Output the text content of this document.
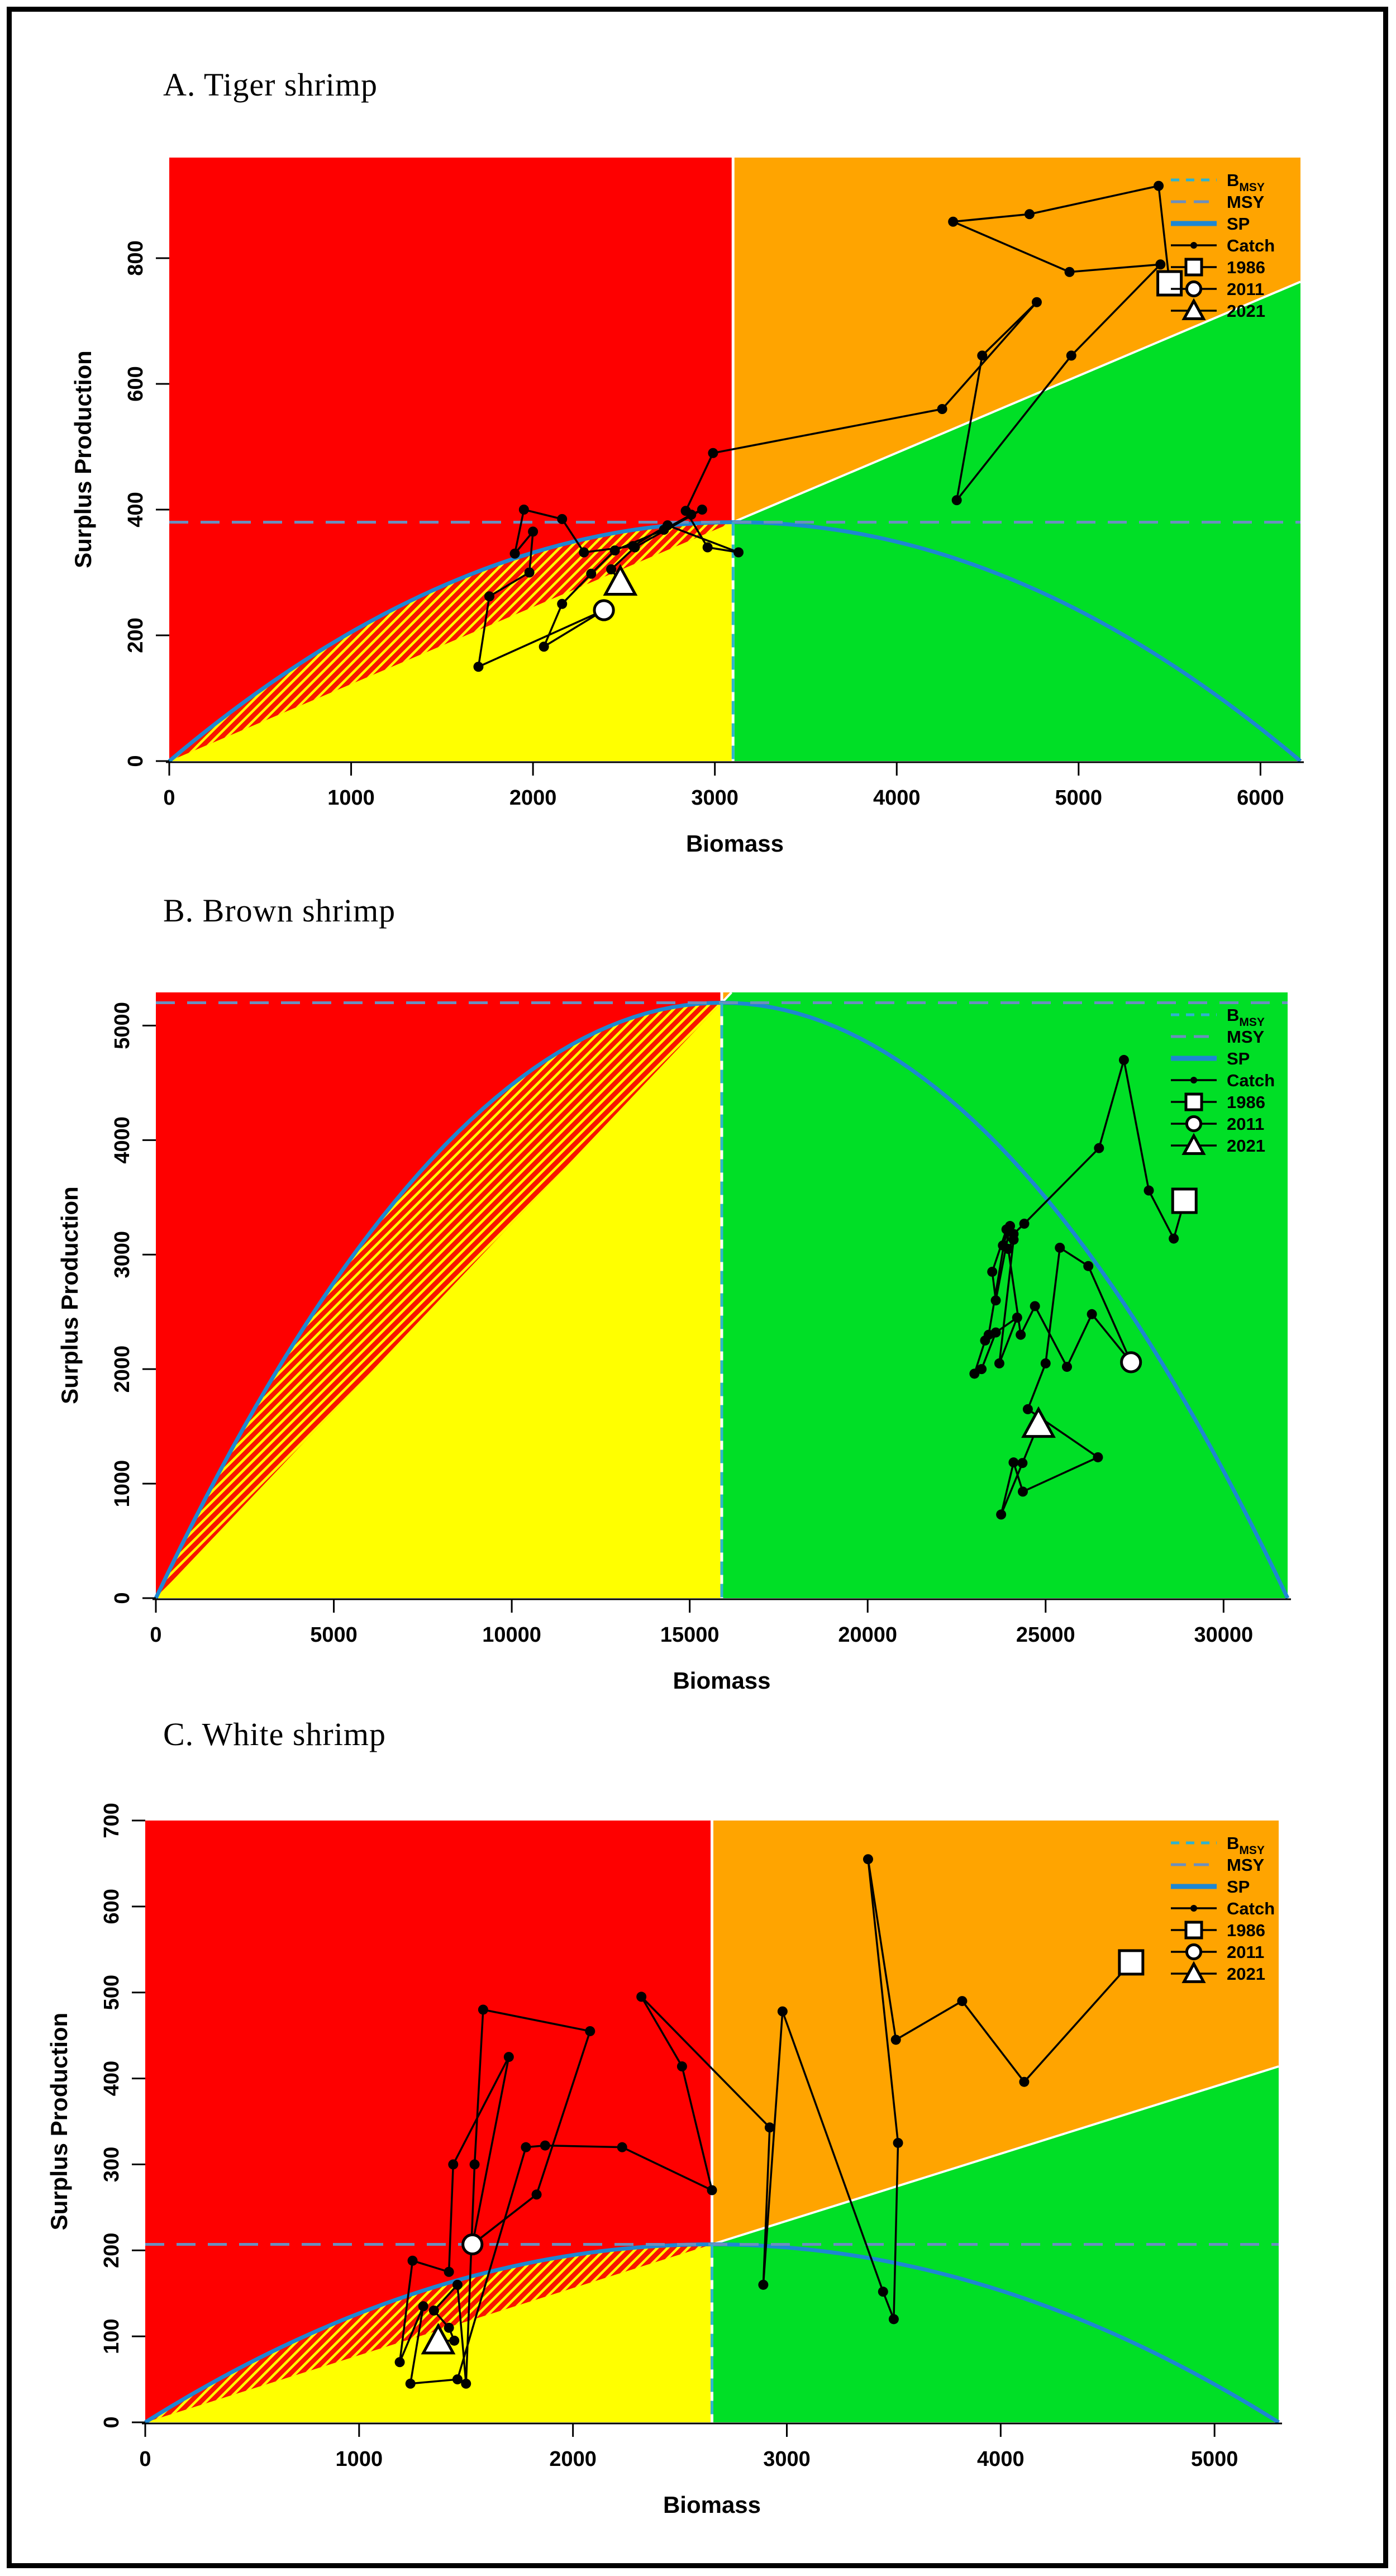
A. Tiger shrimp
B. Brown shrimp
C. White shrimp
0	1000	2000	3000	4000	5000	6000
0
200
400
600
800
Biomass
Surplus Production
$B_{MSY}$
MSY
SP
Catch
1986
2011
2021
0	5000	10000	15000	20000	25000	30000
0
1000
2000
3000
4000
5000
Biomass
Surplus Production
$B_{MSY}$
MSY
SP
Catch
1986
2011
2021
0	1000	2000	3000	4000	5000
0
100
200
300
400
500
600
700
Biomass
Surplus Production
$B_{MSY}$
MSY
SP
Catch
1986
2011
2021
